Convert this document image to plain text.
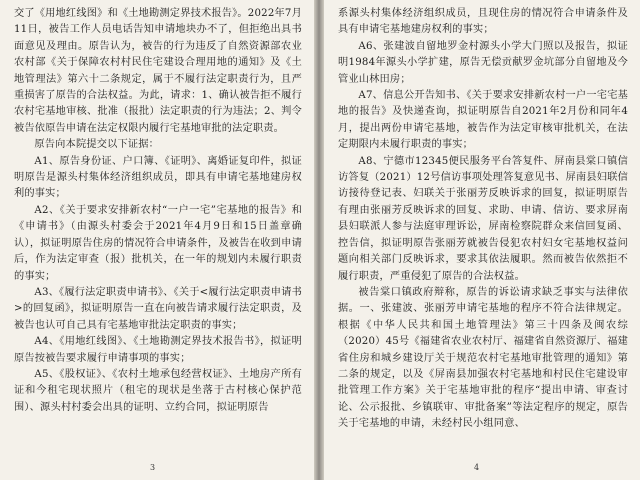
交了《用地红线图》和《土地勘测定界技术报告》。2022年7月11日，被告工作人员电话告知申请地块办不了，但拒绝出具书面意见及理由。原告认为，被告的行为违反了自然资源部农业农村部《关于保障农村村民住宅建设合理用地的通知》及《土地管理法》第六十二条规定，属于不履行法定职责行为，且严重损害了原告的合法权益。为此，请求：1、确认被告拒不履行农村宅基地审核、批准（报批）法定职责的行为违法；2、判令被告依原告申请在法定权限内履行宅基地审批的法定职责。

原告向本院提交以下证据：

A1、原告身份证、户口簿、《证明》、离婚证复印件，拟证明原告是源头村集体经济组织成员，即具有申请宅基地建房权利的事实；

A2、《关于要求安排新农村“一户一宅”宅基地的报告》和《申请书》（由源头村委会于2021年4月9日和15日盖章确认），拟证明原告住房的情况符合申请条件，及被告在收到申请后，作为法定审查（报）批机关，在一年的规划内未履行职责的事实；

A3、《履行法定职责申请书》、《关于<履行法定职责申请书>的回复函》，拟证明原告一直在向被告请求履行法定职责，及被告也认可自己具有宅基地审批法定职责的事实；

A4、《用地红线图》、《土地勘测定界技术报告书》，拟证明原告按被告要求履行申请事项的事实；

A5、《股权证》、《农村土地承包经营权证》、土地房产所有证和今租宅现状照片（租宅的现状是坐落于古村核心保护范围）、源头村村委会出具的证明、立约合同，拟证明原告

3

系源头村集体经济组织成员，且现住房的情况符合申请条件及具有申请宅基地建房权利的事实；

A6、张建波自留地罗金村源头小学大门照以及报告，拟证明1984年源头小学扩建，原告无偿贡献罗金坑部分自留地及今管业山林田房；

A7、信息公开告知书、《关于要求安排新农村一户一宅宅基地的报告》及快递查询，拟证明原告自2021年2月份和同年4月，提出两份申请宅基地，被告作为法定审核审批机关，在法定期限内未履行职责的事实；

A8、宁德市12345便民服务平台答复件、屏南县棠口镇信访答复（2021）12号信访事项处理答复意见书、屏南县妇联信访接待登记表、妇联关于张丽芳反映诉求的回复，拟证明原告有理由张丽芳反映诉求的回复、求助、申请、信访、要求屏南县妇联派人参与法庭审理诉讼，屏南检察院群众来信回复函、控告信，拟证明原告张丽芳就被告侵犯农村妇女宅基地权益问题向相关部门反映诉求，要求其依法履职。然而被告依然拒不履行职责，严重侵犯了原告的合法权益。

被告棠口镇政府辩称，原告的诉讼请求缺乏事实与法律依据。一、张建波、张丽芳申请宅基地的程序不符合法律规定。根据《中华人民共和国土地管理法》第三十四条及闽农综（2020）45号《福建省农业农村厅、福建省自然资源厅、福建省住房和城乡建设厅关于规范农村宅基地审批管理的通知》第二条的规定，以及《屏南县加强农村宅基地和村民住宅建设审批管理工作方案》关于宅基地审批的程序“提出申请、审查讨论、公示报批、乡镇联审、审批备案”等法定程序的规定，原告关于宅基地的申请，未经村民小组同意、

4
